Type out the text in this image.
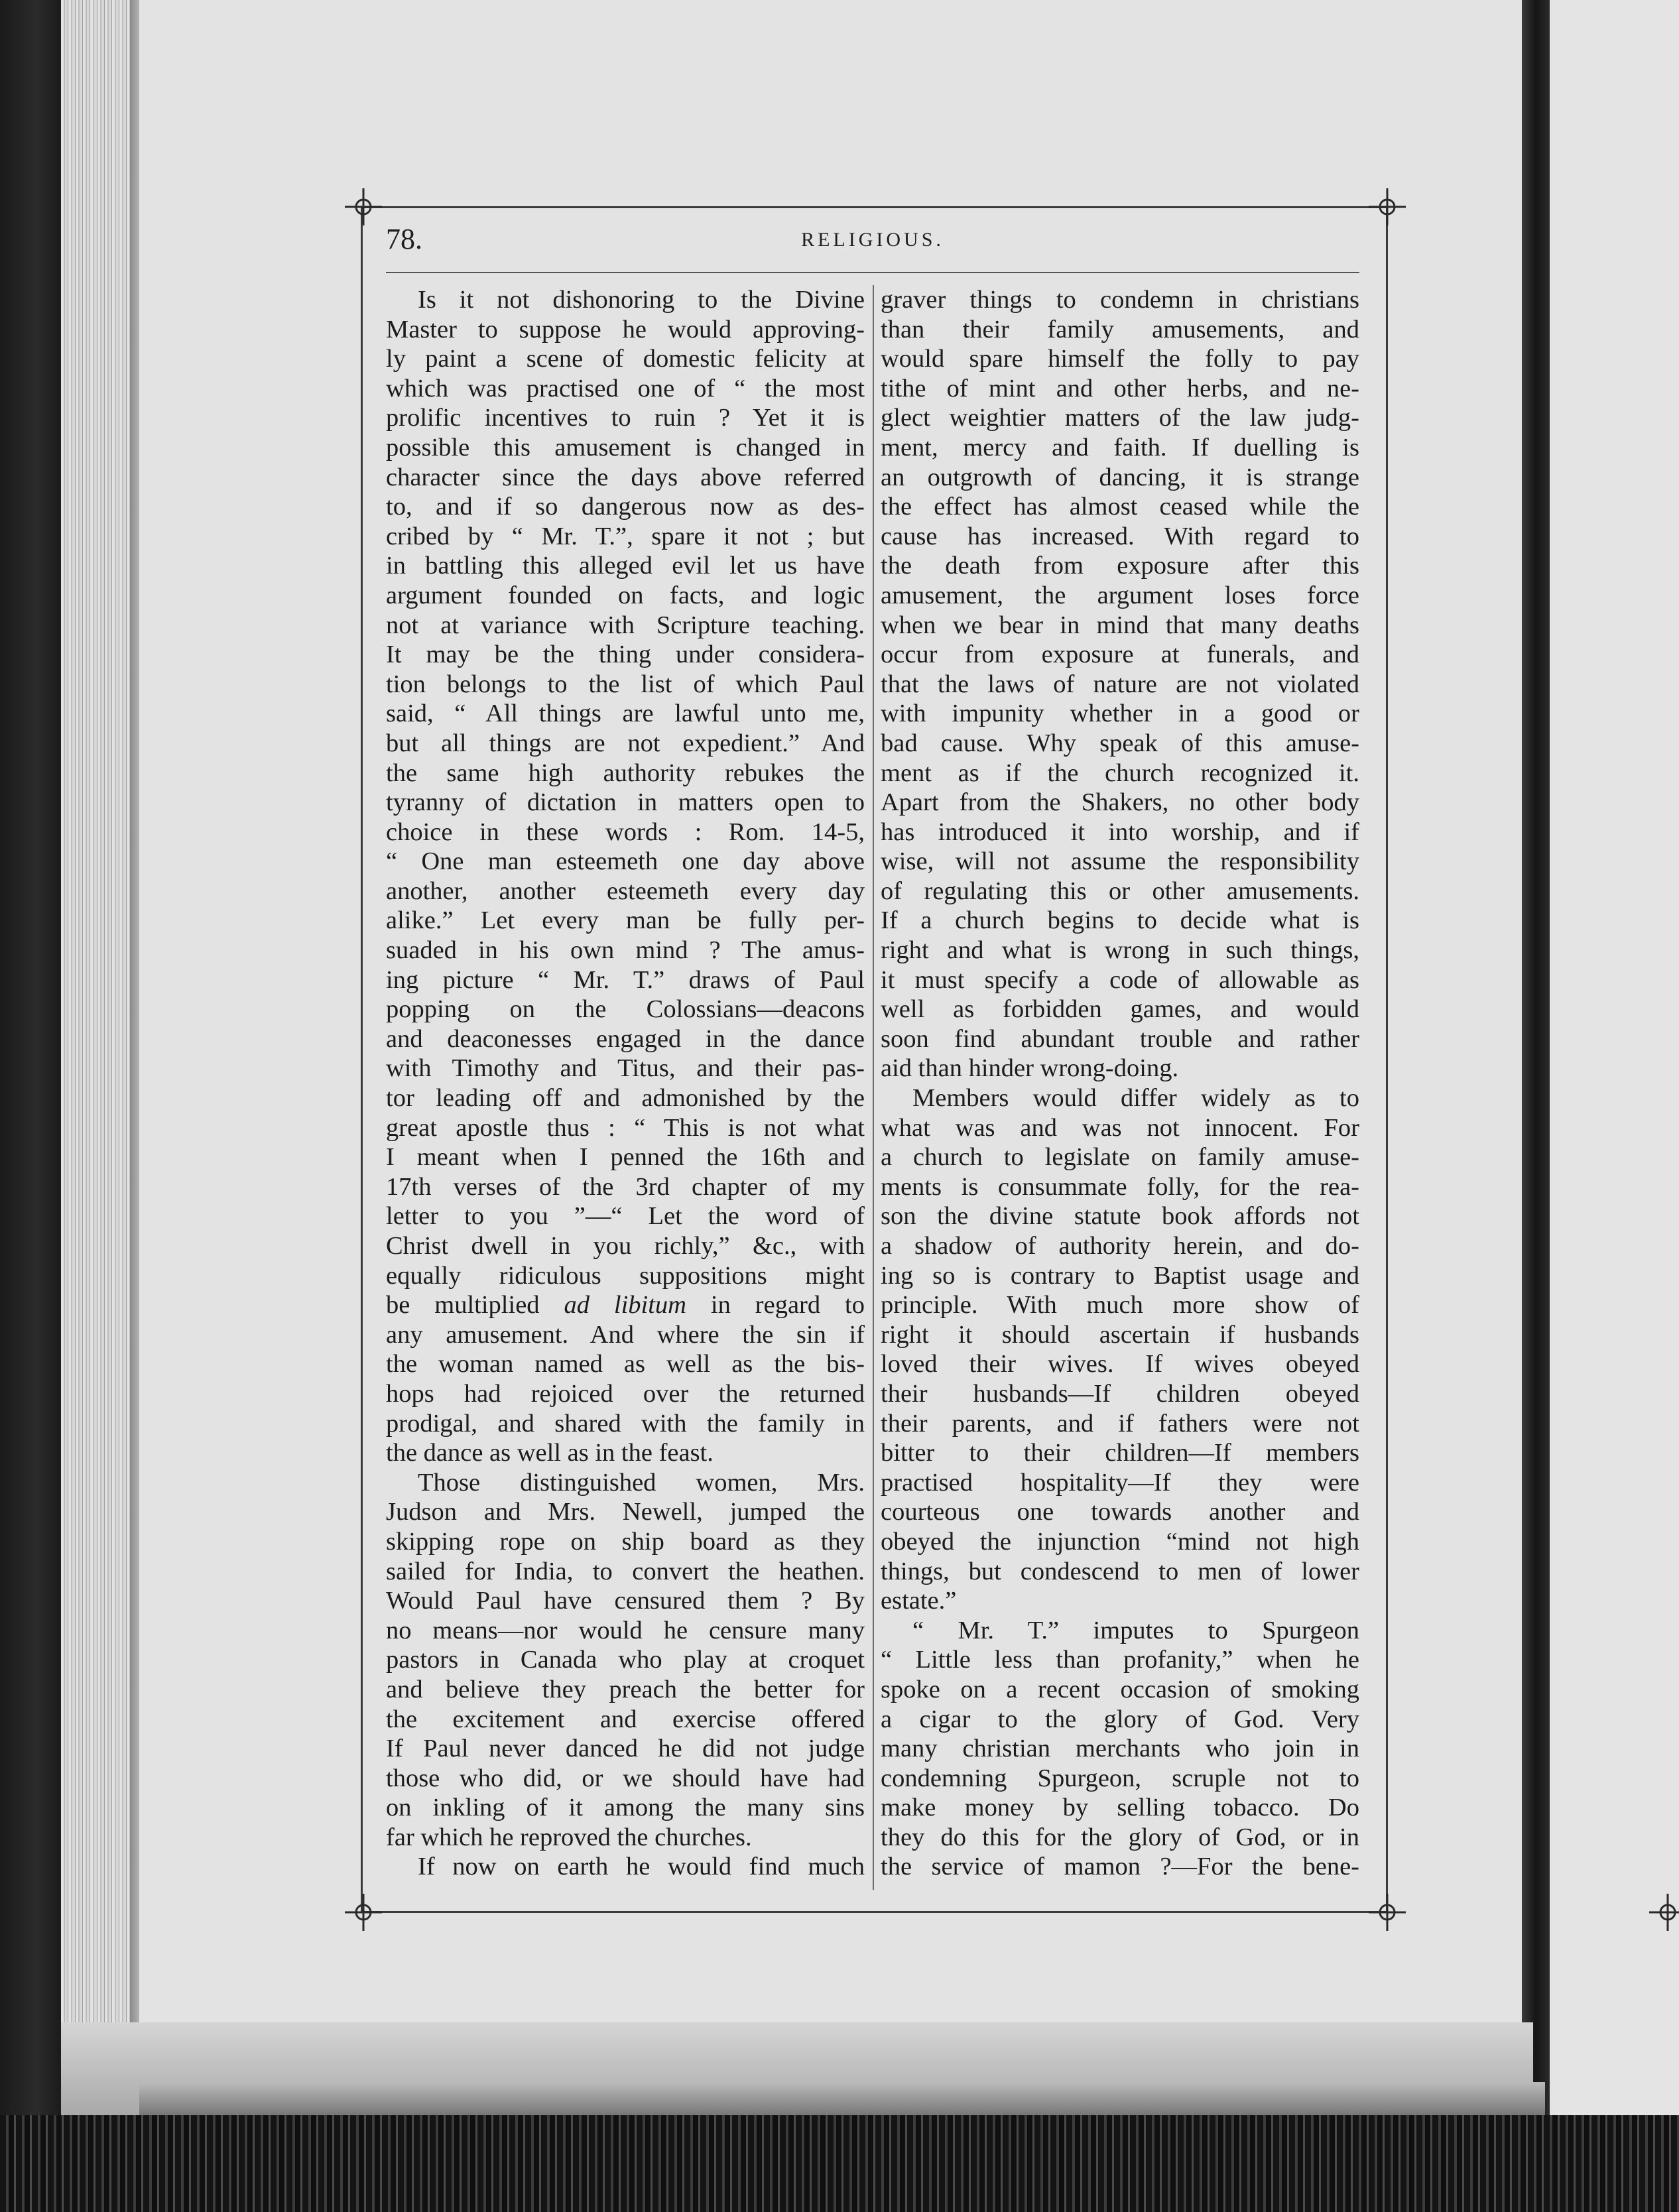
78.	RELIGIOUS.
Is it not dishonoring to the Divine
Master to suppose he would approving-
ly paint a scene of domestic felicity at
which was practised one of “ the most
prolific incentives to ruin ? Yet it is
possible this amusement is changed in
character since the days above referred
to, and if so dangerous now as des-
cribed by “ Mr. T.”, spare it not ; but
in battling this alleged evil let us have
argument founded on facts, and logic
not at variance with Scripture teaching.
It may be the thing under considera-
tion belongs to the list of which Paul
said, “ All things are lawful unto me,
but all things are not expedient.” And
the same high authority rebukes the
tyranny of dictation in matters open to
choice in these words : Rom. 14-5,
“ One man esteemeth one day above
another, another esteemeth every day
alike.” Let every man be fully per-
suaded in his own mind ? The amus-
ing picture “ Mr. T.” draws of Paul
popping on the Colossians—deacons
and deaconesses engaged in the dance
with Timothy and Titus, and their pas-
tor leading off and admonished by the
great apostle thus : “ This is not what
I meant when I penned the 16th and
17th verses of the 3rd chapter of my
letter to you ”—“ Let the word of
Christ dwell in you richly,” &c., with
equally ridiculous suppositions might
be multiplied ad libitum in regard to
any amusement. And where the sin if
the woman named as well as the bis-
hops had rejoiced over the returned
prodigal, and shared with the family in
the dance as well as in the feast.
Those distinguished women, Mrs.
Judson and Mrs. Newell, jumped the
skipping rope on ship board as they
sailed for India, to convert the heathen.
Would Paul have censured them ? By
no means—nor would he censure many
pastors in Canada who play at croquet
and believe they preach the better for
the excitement and exercise offered
If Paul never danced he did not judge
those who did, or we should have had
on inkling of it among the many sins
far which he reproved the churches.
If now on earth he would find much
graver things to condemn in christians
than their family amusements, and
would spare himself the folly to pay
tithe of mint and other herbs, and ne-
glect weightier matters of the law judg-
ment, mercy and faith. If duelling is
an outgrowth of dancing, it is strange
the effect has almost ceased while the
cause has increased. With regard to
the death from exposure after this
amusement, the argument loses force
when we bear in mind that many deaths
occur from exposure at funerals, and
that the laws of nature are not violated
with impunity whether in a good or
bad cause. Why speak of this amuse-
ment as if the church recognized it.
Apart from the Shakers, no other body
has introduced it into worship, and if
wise, will not assume the responsibility
of regulating this or other amusements.
If a church begins to decide what is
right and what is wrong in such things,
it must specify a code of allowable as
well as forbidden games, and would
soon find abundant trouble and rather
aid than hinder wrong-doing.
Members would differ widely as to
what was and was not innocent. For
a church to legislate on family amuse-
ments is consummate folly, for the rea-
son the divine statute book affords not
a shadow of authority herein, and do-
ing so is contrary to Baptist usage and
principle. With much more show of
right it should ascertain if husbands
loved their wives. If wives obeyed
their husbands—If children obeyed
their parents, and if fathers were not
bitter to their children—If members
practised hospitality—If they were
courteous one towards another and
obeyed the injunction “mind not high
things, but condescend to men of lower
estate.”
“ Mr. T.” imputes to Spurgeon
“ Little less than profanity,” when he
spoke on a recent occasion of smoking
a cigar to the glory of God. Very
many christian merchants who join in
condemning Spurgeon, scruple not to
make money by selling tobacco. Do
they do this for the glory of God, or in
the service of mamon ?—For the bene-
